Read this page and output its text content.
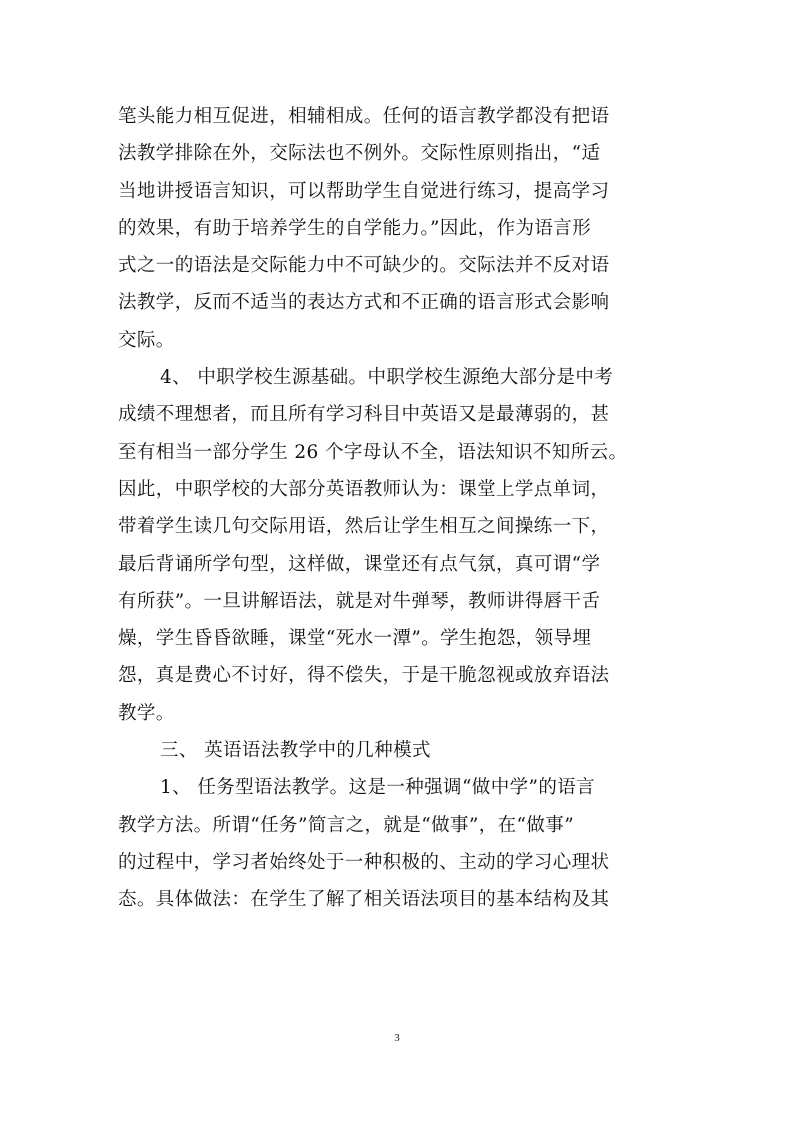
笔头能力相互促进，相辅相成。任何的语言教学都没有把语
法教学排除在外，交际法也不例外。交际性原则指出，“适
当地讲授语言知识，可以帮助学生自觉进行练习，提高学习
的效果，有助于培养学生的自学能力。”因此，作为语言形
式之一的语法是交际能力中不可缺少的。交际法并不反对语
法教学，反而不适当的表达方式和不正确的语言形式会影响
交际。
4、 中职学校生源基础。中职学校生源绝大部分是中考
成绩不理想者，而且所有学习科目中英语又是最薄弱的，甚
至有相当一部分学生 26 个字母认不全，语法知识不知所云。
因此，中职学校的大部分英语教师认为：课堂上学点单词，
带着学生读几句交际用语，然后让学生相互之间操练一下，
最后背诵所学句型，这样做，课堂还有点气氛，真可谓“学
有所获”。一旦讲解语法，就是对牛弹琴，教师讲得唇干舌
燥，学生昏昏欲睡，课堂“死水一潭”。学生抱怨，领导埋
怨，真是费心不讨好，得不偿失，于是干脆忽视或放弃语法
教学。
三、 英语语法教学中的几种模式
1、 任务型语法教学。这是一种强调“做中学”的语言
教学方法。所谓“任务”简言之，就是“做事”，在“做事”
的过程中，学习者始终处于一种积极的、主动的学习心理状
态。具体做法：在学生了解了相关语法项目的基本结构及其
3
